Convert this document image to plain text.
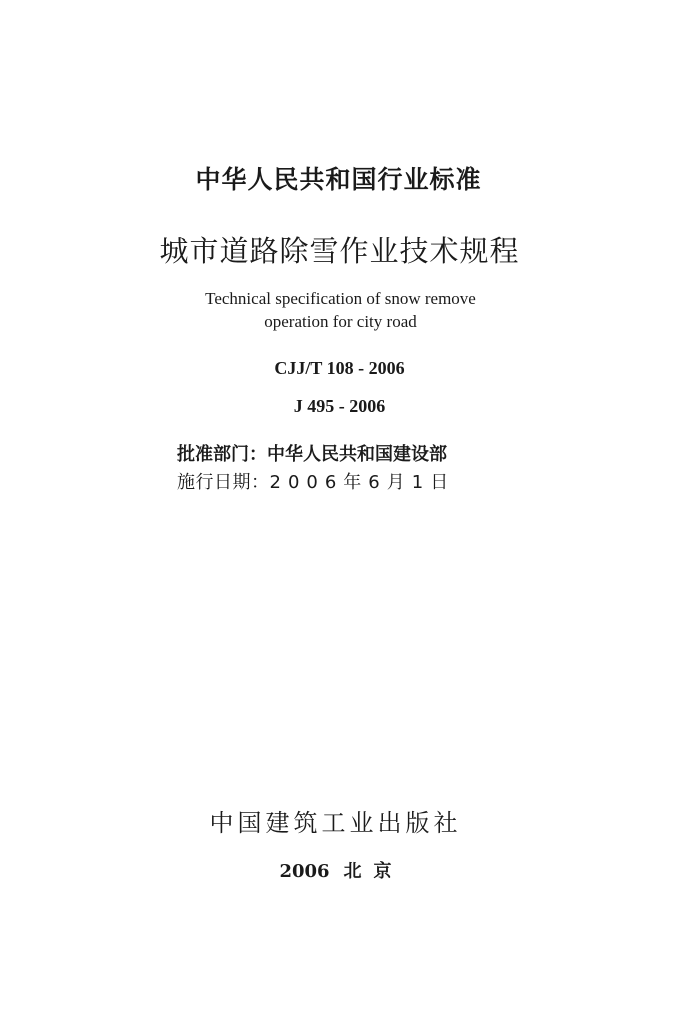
中华人民共和国行业标准
城市道路除雪作业技术规程
Technical specification of snow remove
operation for city road
CJJ/T 108 - 2006
J 495 - 2006
批准部门：中华人民共和国建设部
施行日期：2006年6月1日
中国建筑工业出版社
2006 北京
